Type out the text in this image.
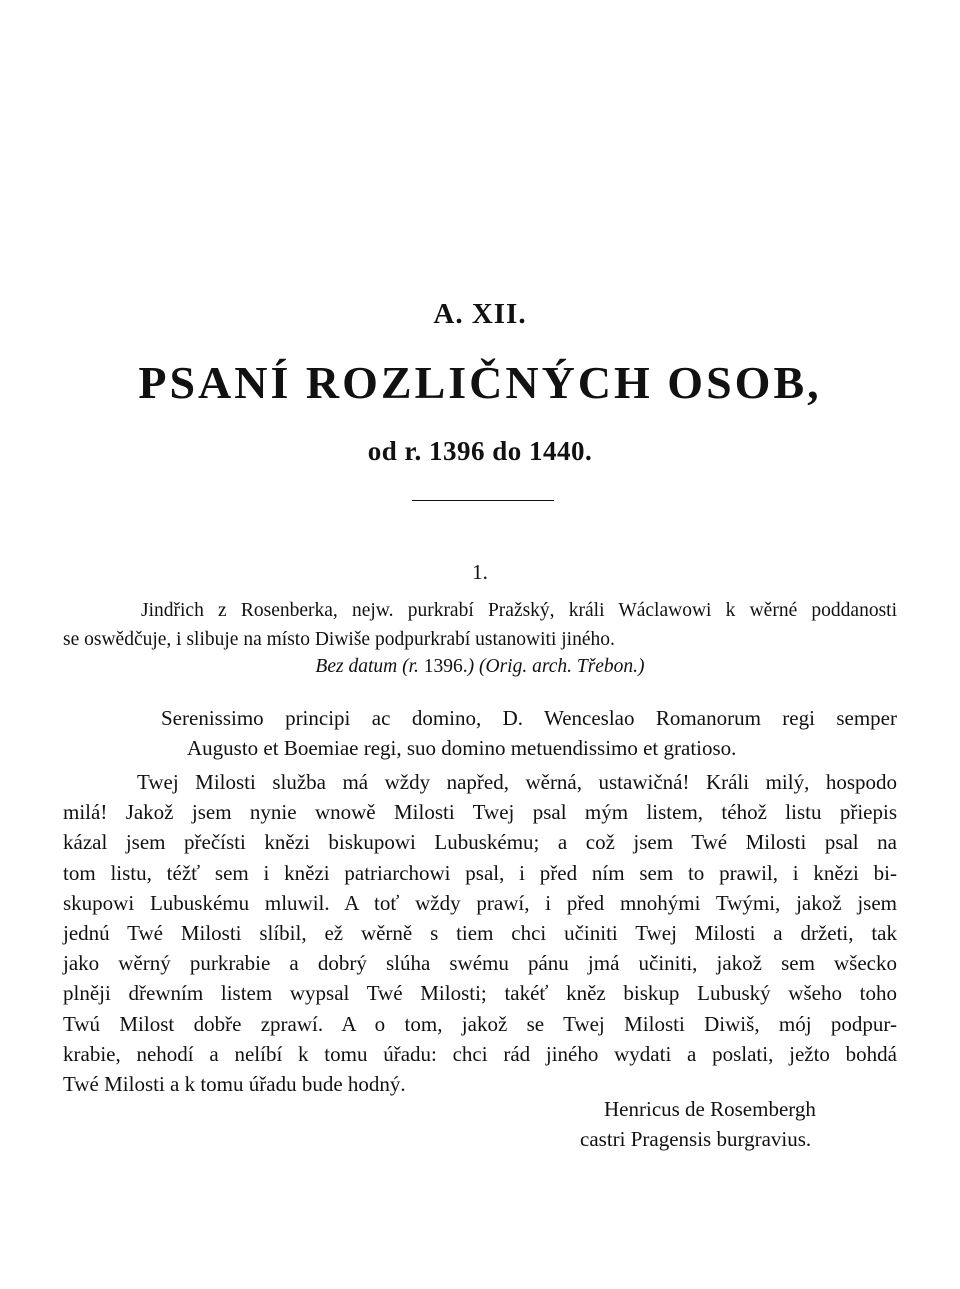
A. XII.
PSANÍ ROZLIČNÝCH OSOB,
od r. 1396 do 1440.
1.
Jindřich z Rosenberka, nejw. purkrabí Pražský, králi Wáclawowi k wěrné poddanosti
se oswědčuje, i slibuje na místo Diwiše podpurkrabí ustanowiti jiného.
Bez datum (r. 1396.) (Orig. arch. Třebon.)
Serenissimo principi ac domino, D. Wenceslao Romanorum regi semper
Augusto et Boemiae regi, suo domino metuendissimo et gratioso.
Twej Milosti služba má wždy napřed, wěrná, ustawičná! Králi milý, hospodo
milá! Jakož jsem nynie wnowě Milosti Twej psal mým listem, téhož listu přiepis
kázal jsem přečísti knězi biskupowi Lubuskému; a což jsem Twé Milosti psal na
tom listu, téžť sem i knězi patriarchowi psal, i před ním sem to prawil, i knězi bi-
skupowi Lubuskému mluwil. A toť wždy prawí, i před mnohými Twými, jakož jsem
jednú Twé Milosti slíbil, ež wěrně s tiem chci učiniti Twej Milosti a držeti, tak
jako wěrný purkrabie a dobrý slúha swému pánu jmá učiniti, jakož sem wšecko
plněji dřewním listem wypsal Twé Milosti; takéť kněz biskup Lubuský wšeho toho
Twú Milost dobře zprawí. A o tom, jakož se Twej Milosti Diwiš, mój podpur-
krabie, nehodí a nelíbí k tomu úřadu: chci rád jiného wydati a poslati, ježto bohdá
Twé Milosti a k tomu úřadu bude hodný.
Henricus de Rosembergh
castri Pragensis burgravius.
